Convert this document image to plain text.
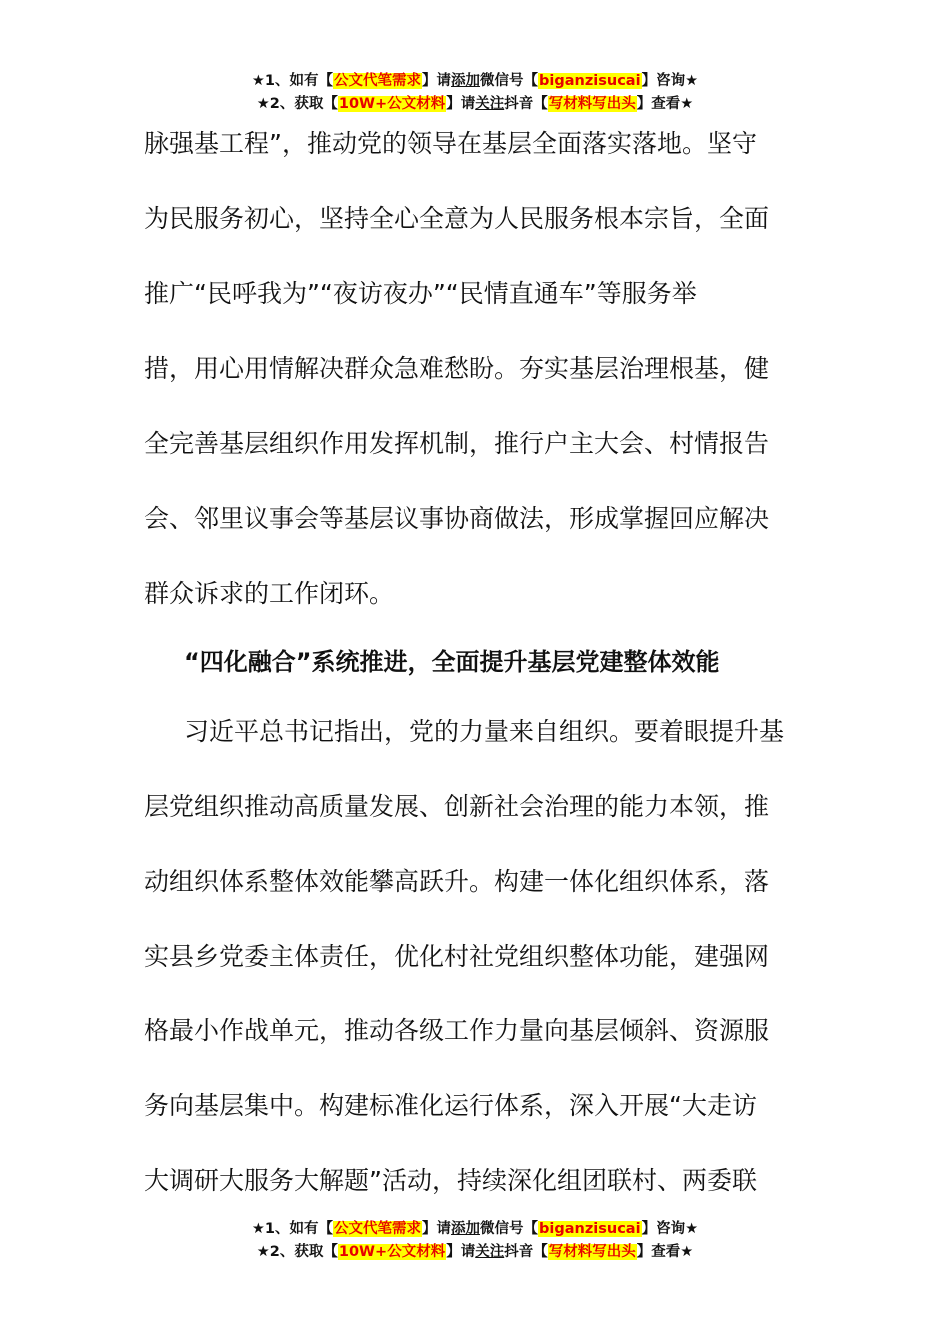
★1、如有【公文代笔需求】请添加微信号【biganzisucai】咨询★
★2、获取【10W+公文材料】请关注抖音【写材料写出头】查看★
脉强基工程”，推动党的领导在基层全面落实落地。坚守
为民服务初心，坚持全心全意为人民服务根本宗旨，全面
推广“民呼我为”“夜访夜办”“民情直通车”等服务举
措，用心用情解决群众急难愁盼。夯实基层治理根基，健
全完善基层组织作用发挥机制，推行户主大会、村情报告
会、邻里议事会等基层议事协商做法，形成掌握回应解决
群众诉求的工作闭环。
“四化融合”系统推进，全面提升基层党建整体效能
习近平总书记指出，党的力量来自组织。要着眼提升基
层党组织推动高质量发展、创新社会治理的能力本领，推
动组织体系整体效能攀高跃升。构建一体化组织体系，落
实县乡党委主体责任，优化村社党组织整体功能，建强网
格最小作战单元，推动各级工作力量向基层倾斜、资源服
务向基层集中。构建标准化运行体系，深入开展“大走访
大调研大服务大解题”活动，持续深化组团联村、两委联
★1、如有【公文代笔需求】请添加微信号【biganzisucai】咨询★
★2、获取【10W+公文材料】请关注抖音【写材料写出头】查看★
